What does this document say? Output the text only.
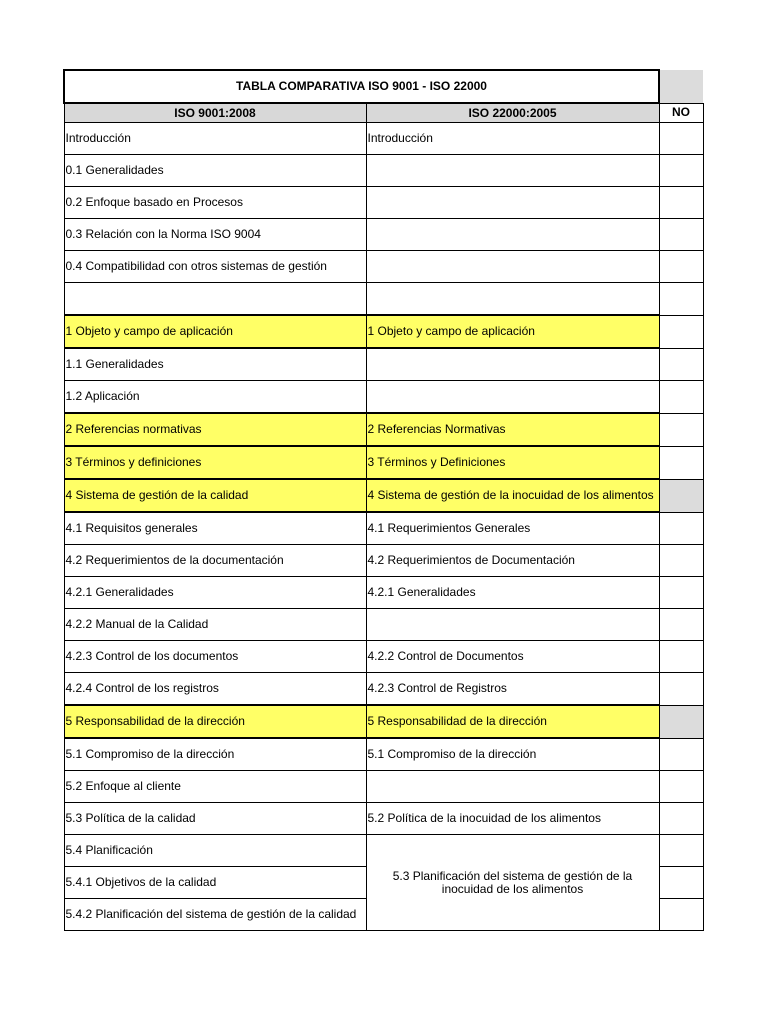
TABLA COMPARATIVA ISO 9001 - ISO 22000		
ISO 9001:2008	ISO 22000:2005	NO
Introducción	Introducción	
0.1 Generalidades		
0.2 Enfoque basado en Procesos		
0.3 Relación con la Norma ISO 9004		
0.4 Compatibilidad con otros sistemas de gestión		

1 Objeto y campo de aplicación	1 Objeto y campo de aplicación	
1.1 Generalidades		
1.2 Aplicación		
2 Referencias normativas	2 Referencias Normativas	
3 Términos y definiciones	3 Términos y Definiciones	
4 Sistema de gestión de la calidad	4 Sistema de gestión de la inocuidad de los alimentos	
4.1 Requisitos generales	4.1 Requerimientos Generales	
4.2 Requerimientos de la documentación	4.2 Requerimientos de Documentación	
4.2.1 Generalidades	4.2.1 Generalidades	
4.2.2 Manual de la Calidad		
4.2.3 Control de los documentos	4.2.2 Control de Documentos	
4.2.4 Control de los registros	4.2.3 Control de Registros	
5 Responsabilidad de la dirección	5 Responsabilidad de la dirección	
5.1 Compromiso de la dirección	5.1 Compromiso de la dirección	
5.2 Enfoque al cliente		
5.3 Política de la calidad	5.2 Política de la inocuidad de los alimentos	
5.4 Planificación	5.3 Planificación del sistema de gestión de la inocuidad de los alimentos	
5.4.1 Objetivos de la calidad		
5.4.2 Planificación del sistema de gestión de la calidad		
